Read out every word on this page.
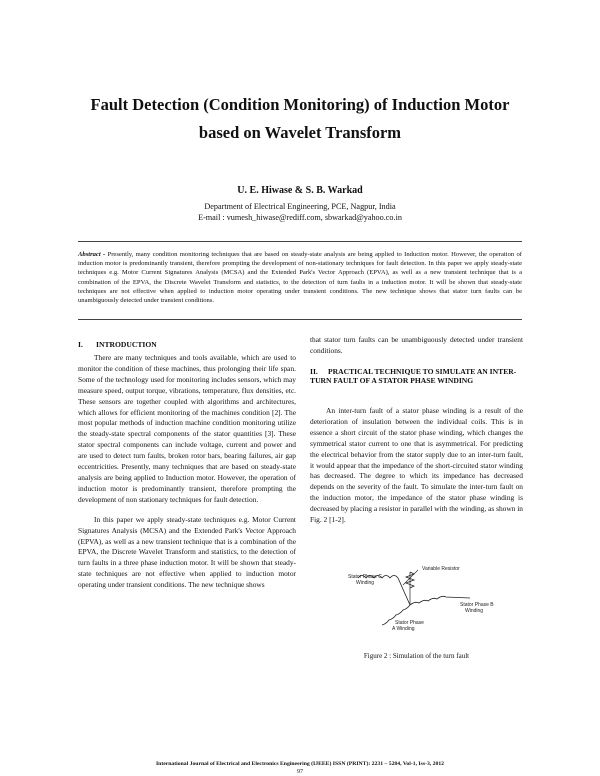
Fault Detection (Condition Monitoring) of Induction Motor
based on Wavelet Transform
U. E. Hiwase & S. B. Warkad
Department of Electrical Engineering, PCE, Nagpur, India
E-mail : vumesh_hiwase@rediff.com, sbwarkad@yahoo.co.in
Abstract - Presently, many condition monitoring techniques that are based on steady-state analysis are being applied to Induction motor. However, the operation of induction motor is predominantly transient, therefore prompting the development of non-stationary techniques for fault detection. In this paper we apply steady-state techniques e.g. Motor Current Signatures Analysis (MCSA) and the Extended Park's Vector Approach (EPVA), as well as a new transient technique that is a combination of the EPVA, the Discrete Wavelet Transform and statistics, to the detection of turn faults in a induction motor. It will be shown that steady-state techniques are not effective when applied to induction motor operating under transient conditions. The new technique shows that stator turn faults can be unambiguously detected under transient conditions.
I. INTRODUCTION

There are many techniques and tools available, which are used to monitor the condition of these machines, thus prolonging their life span. Some of the technology used for monitoring includes sensors, which may measure speed, output torque, vibrations, temperature, flux densities, etc. These sensors are together coupled with algorithms and architectures, which allows for efficient monitoring of the machines condition [2]. The most popular methods of induction machine condition monitoring utilize the steady-state spectral components of the stator quantities [3]. These stator spectral components can include voltage, current and power and are used to detect turn faults, broken rotor bars, bearing failures, air gap eccentricities. Presently, many techniques that are based on steady-state analysis are being applied to Induction motor. However, the operation of induction motor is predominantly transient, therefore prompting the development of non stationary techniques for fault detection.

In this paper we apply steady-state techniques e.g. Motor Current Signatures Analysis (MCSA) and the Extended Park's Vector Approach (EPVA), as well as a new transient technique that is a combination of the EPVA, the Discrete Wavelet Transform and statistics, to the detection of turn faults in a three phase induction motor. It will be shown that steady-state techniques are not effective when applied to induction motor operating under transient conditions. The new technique shows

that stator turn faults can be unambiguously detected under transient conditions.
II. PRACTICAL TECHNIQUE TO SIMULATE AN INTER-TURN FAULT OF A STATOR PHASE WINDING

An inter-turn fault of a stator phase winding is a result of the deterioration of insulation between the individual coils. This is in essence a short circuit of the stator phase winding, which changes the symmetrical stator current to one that is asymmetrical. For predicting the electrical behavior from the stator supply due to an inter-turn fault, it would appear that the impedance of the short-circuited stator winding has decreased. The degree to which its impedance has decreased depends on the severity of the fault. To simulate the inter-turn fault on the induction motor, the impedance of the stator phase winding is decreased by placing a resistor in parallel with the winding, as shown in Fig. 2 [1-2].

Stator Phase C
Winding
Variable Resistor
Stator Phase B
Winding
Stator Phase
A Winding
Figure 2 : Simulation of the turn fault
International Journal of Electrical and Electronics Engineering (IJEEE) ISSN (PRINT): 2231 – 5284, Vol-1, Iss-3, 2012
97
